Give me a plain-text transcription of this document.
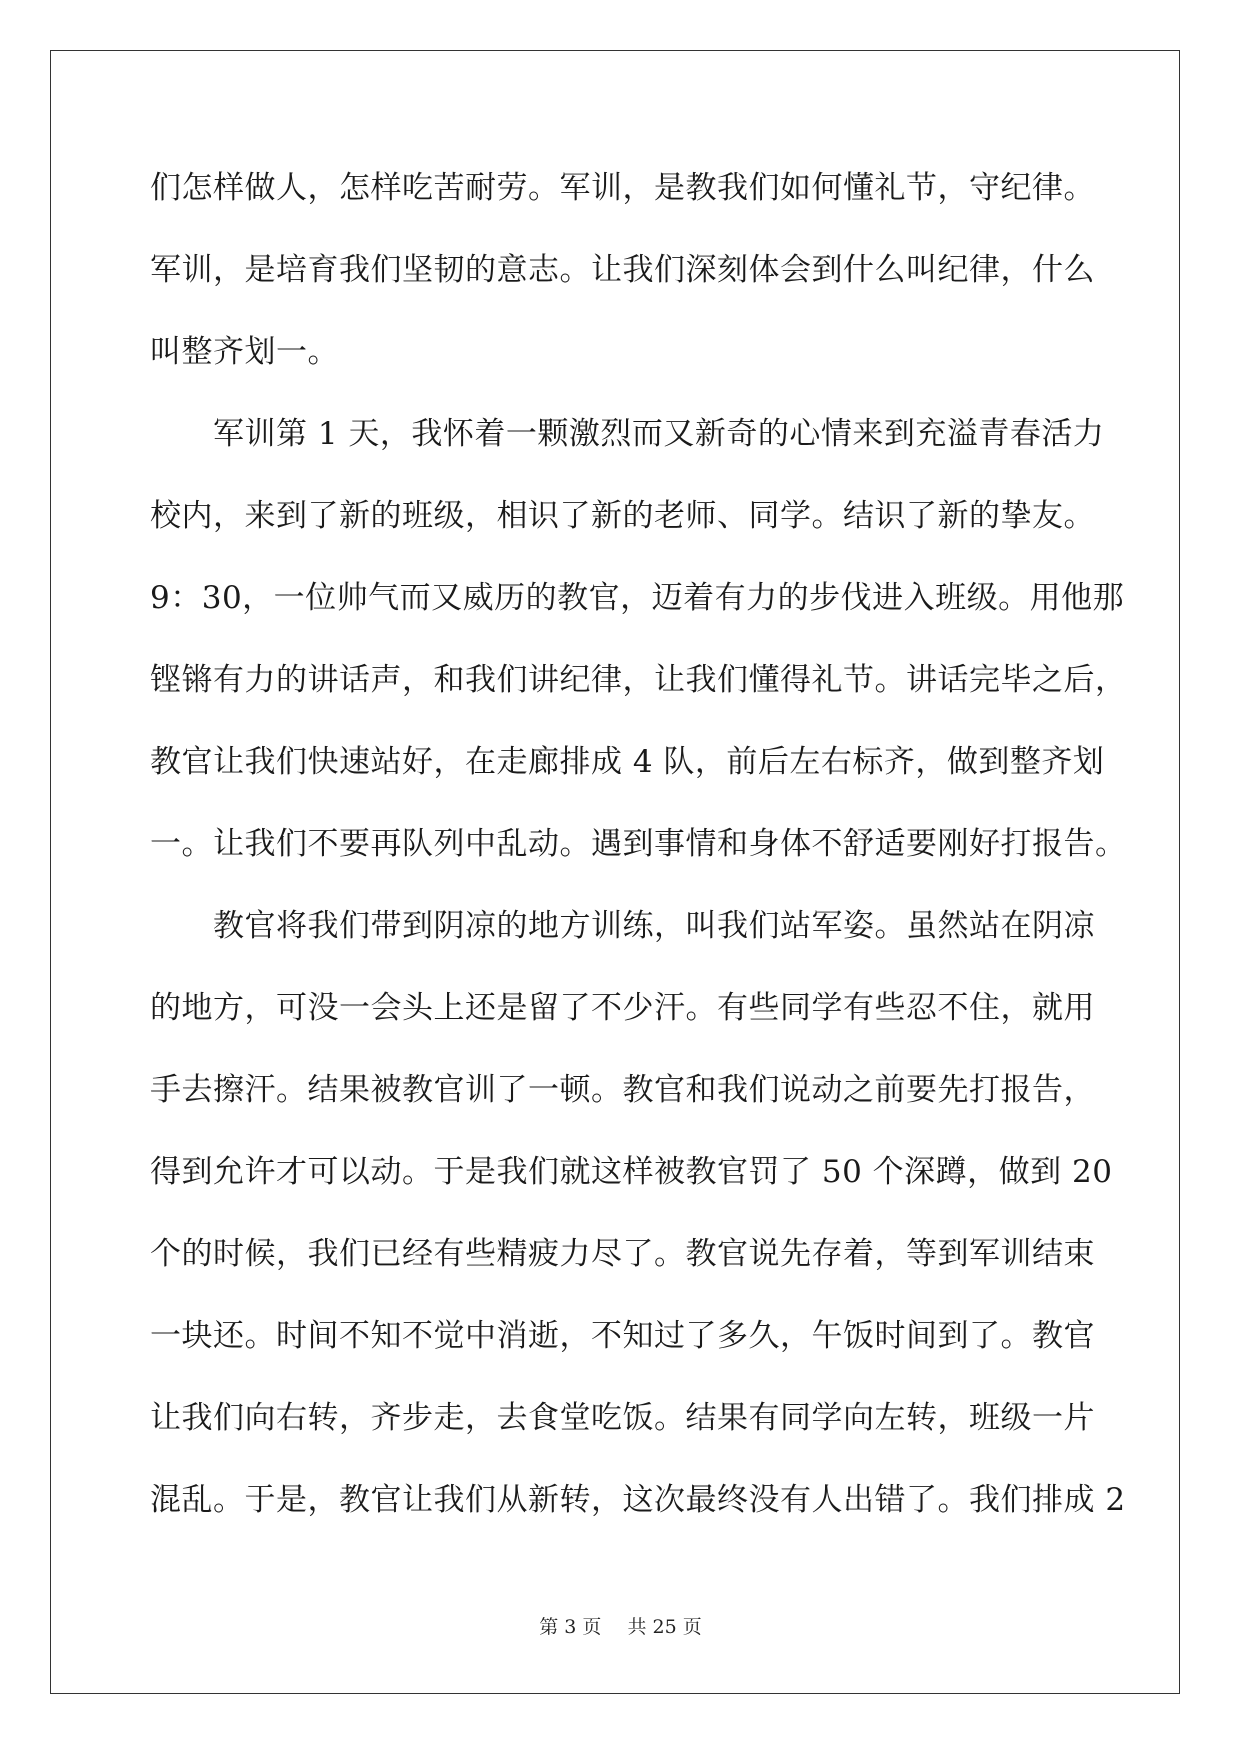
们怎样做人，怎样吃苦耐劳。军训，是教我们如何懂礼节，守纪律。
军训，是培育我们坚韧的意志。让我们深刻体会到什么叫纪律，什么
叫整齐划一。
　　军训第 1 天，我怀着一颗激烈而又新奇的心情来到充溢青春活力
校内，来到了新的班级，相识了新的老师、同学。结识了新的挚友。
9：30，一位帅气而又威历的教官，迈着有力的步伐进入班级。用他那
铿锵有力的讲话声，和我们讲纪律，让我们懂得礼节。讲话完毕之后，
教官让我们快速站好，在走廊排成 4 队，前后左右标齐，做到整齐划
一。让我们不要再队列中乱动。遇到事情和身体不舒适要刚好打报告。
　　教官将我们带到阴凉的地方训练，叫我们站军姿。虽然站在阴凉
的地方，可没一会头上还是留了不少汗。有些同学有些忍不住，就用
手去擦汗。结果被教官训了一顿。教官和我们说动之前要先打报告，
得到允许才可以动。于是我们就这样被教官罚了 50 个深蹲，做到 20
个的时候，我们已经有些精疲力尽了。教官说先存着，等到军训结束
一块还。时间不知不觉中消逝，不知过了多久，午饭时间到了。教官
让我们向右转，齐步走，去食堂吃饭。结果有同学向左转，班级一片
混乱。于是，教官让我们从新转，这次最终没有人出错了。我们排成 2
第 3 页 共 25 页
